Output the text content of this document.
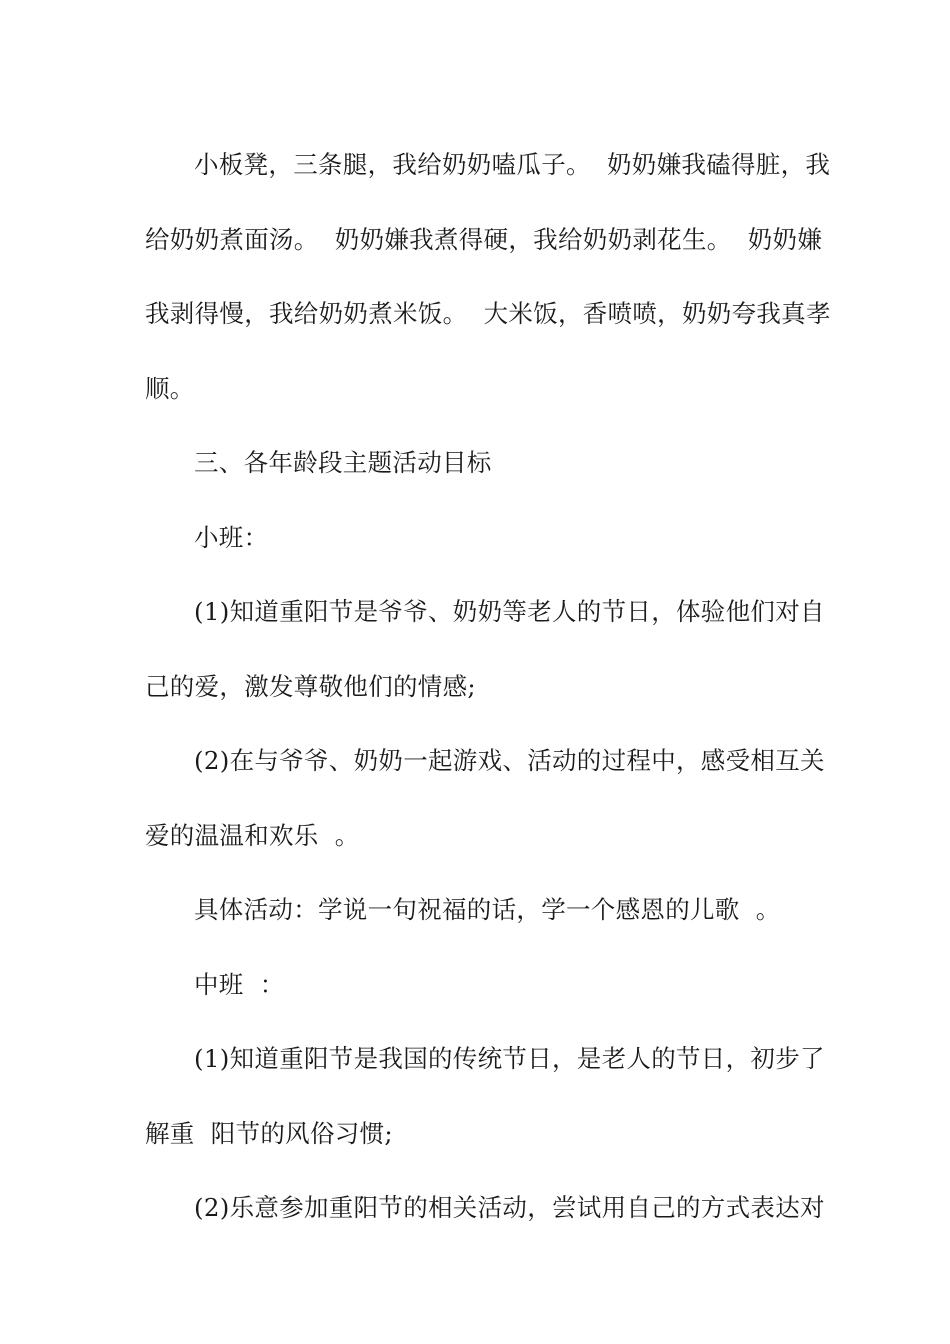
小板凳，三条腿，我给奶奶嗑瓜子。  奶奶嫌我磕得脏，我
给奶奶煮面汤。  奶奶嫌我煮得硬，我给奶奶剥花生。  奶奶嫌
我剥得慢，我给奶奶煮米饭。  大米饭，香喷喷，奶奶夸我真孝
顺。
三、各年龄段主题活动目标
小班：
(1)知道重阳节是爷爷、奶奶等老人的节日，体验他们对自
己的爱，激发尊敬他们的情感;
(2)在与爷爷、奶奶一起游戏、活动的过程中，感受相互关
爱的温温和欢乐  。
具体活动：学说一句祝福的话，学一个感恩的儿歌  。
中班  ：
(1)知道重阳节是我国的传统节日，是老人的节日，初步了
解重  阳节的风俗习惯;
(2)乐意参加重阳节的相关活动，尝试用自己的方式表达对
